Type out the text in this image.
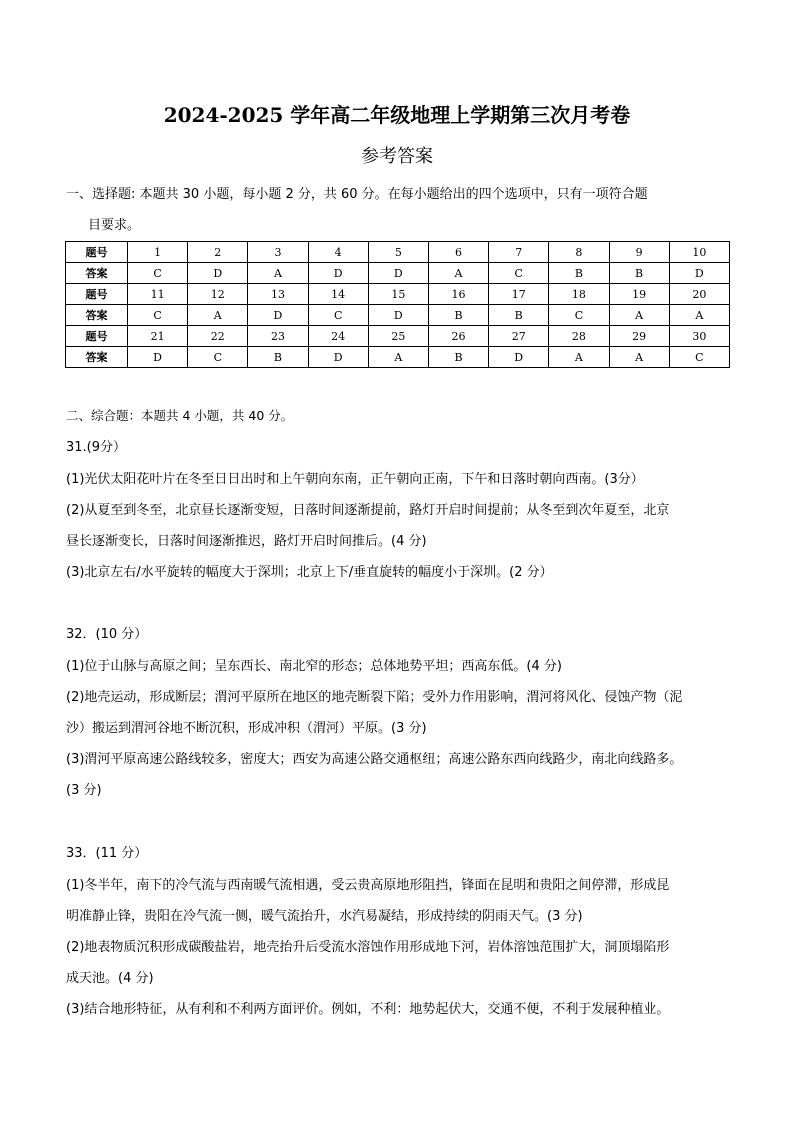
2024-2025 学年高二年级地理上学期第三次月考卷
参考答案
一、选择题: 本题共 30 小题，每小题 2 分，共 60 分。在每小题给出的四个选项中，只有一项符合题
目要求。
题号	1	2	3	4	5	6	7	8	9	10
答案	C	D	A	D	D	A	C	B	B	D
题号	11	12	13	14	15	16	17	18	19	20
答案	C	A	D	C	D	B	B	C	A	A
题号	21	22	23	24	25	26	27	28	29	30
答案	D	C	B	D	A	B	D	A	A	C
二、综合题：本题共 4 小题，共 40 分。
31.(9分）
(1)光伏太阳花叶片在冬至日日出时和上午朝向东南，正午朝向正南，下午和日落时朝向西南。(3分）
(2)从夏至到冬至，北京昼长逐渐变短，日落时间逐渐提前，路灯开启时间提前；从冬至到次年夏至，北京
昼长逐渐变长，日落时间逐渐推迟，路灯开启时间推后。(4 分)
(3)北京左右/水平旋转的幅度大于深圳；北京上下/垂直旋转的幅度小于深圳。(2 分）
32．(10 分）
(1)位于山脉与高原之间；呈东西长、南北窄的形态；总体地势平坦；西高东低。(4 分)
(2)地壳运动，形成断层；渭河平原所在地区的地壳断裂下陷；受外力作用影响，渭河将风化、侵蚀产物（泥
沙）搬运到渭河谷地不断沉积，形成冲积（渭河）平原。(3 分)
(3)渭河平原高速公路线较多，密度大；西安为高速公路交通枢纽；高速公路东西向线路少，南北向线路多。
(3 分)
33．(11 分）
(1)冬半年，南下的冷气流与西南暖气流相遇，受云贵高原地形阻挡，锋面在昆明和贵阳之间停滞，形成昆
明准静止锋，贵阳在冷气流一侧，暖气流抬升，水汽易凝结，形成持续的阴雨天气。(3 分)
(2)地表物质沉积形成碳酸盐岩，地壳抬升后受流水溶蚀作用形成地下河，岩体溶蚀范围扩大，洞顶塌陷形
成天池。(4 分)
(3)结合地形特征，从有利和不利两方面评价。例如，不利：地势起伏大，交通不便，不利于发展种植业。
